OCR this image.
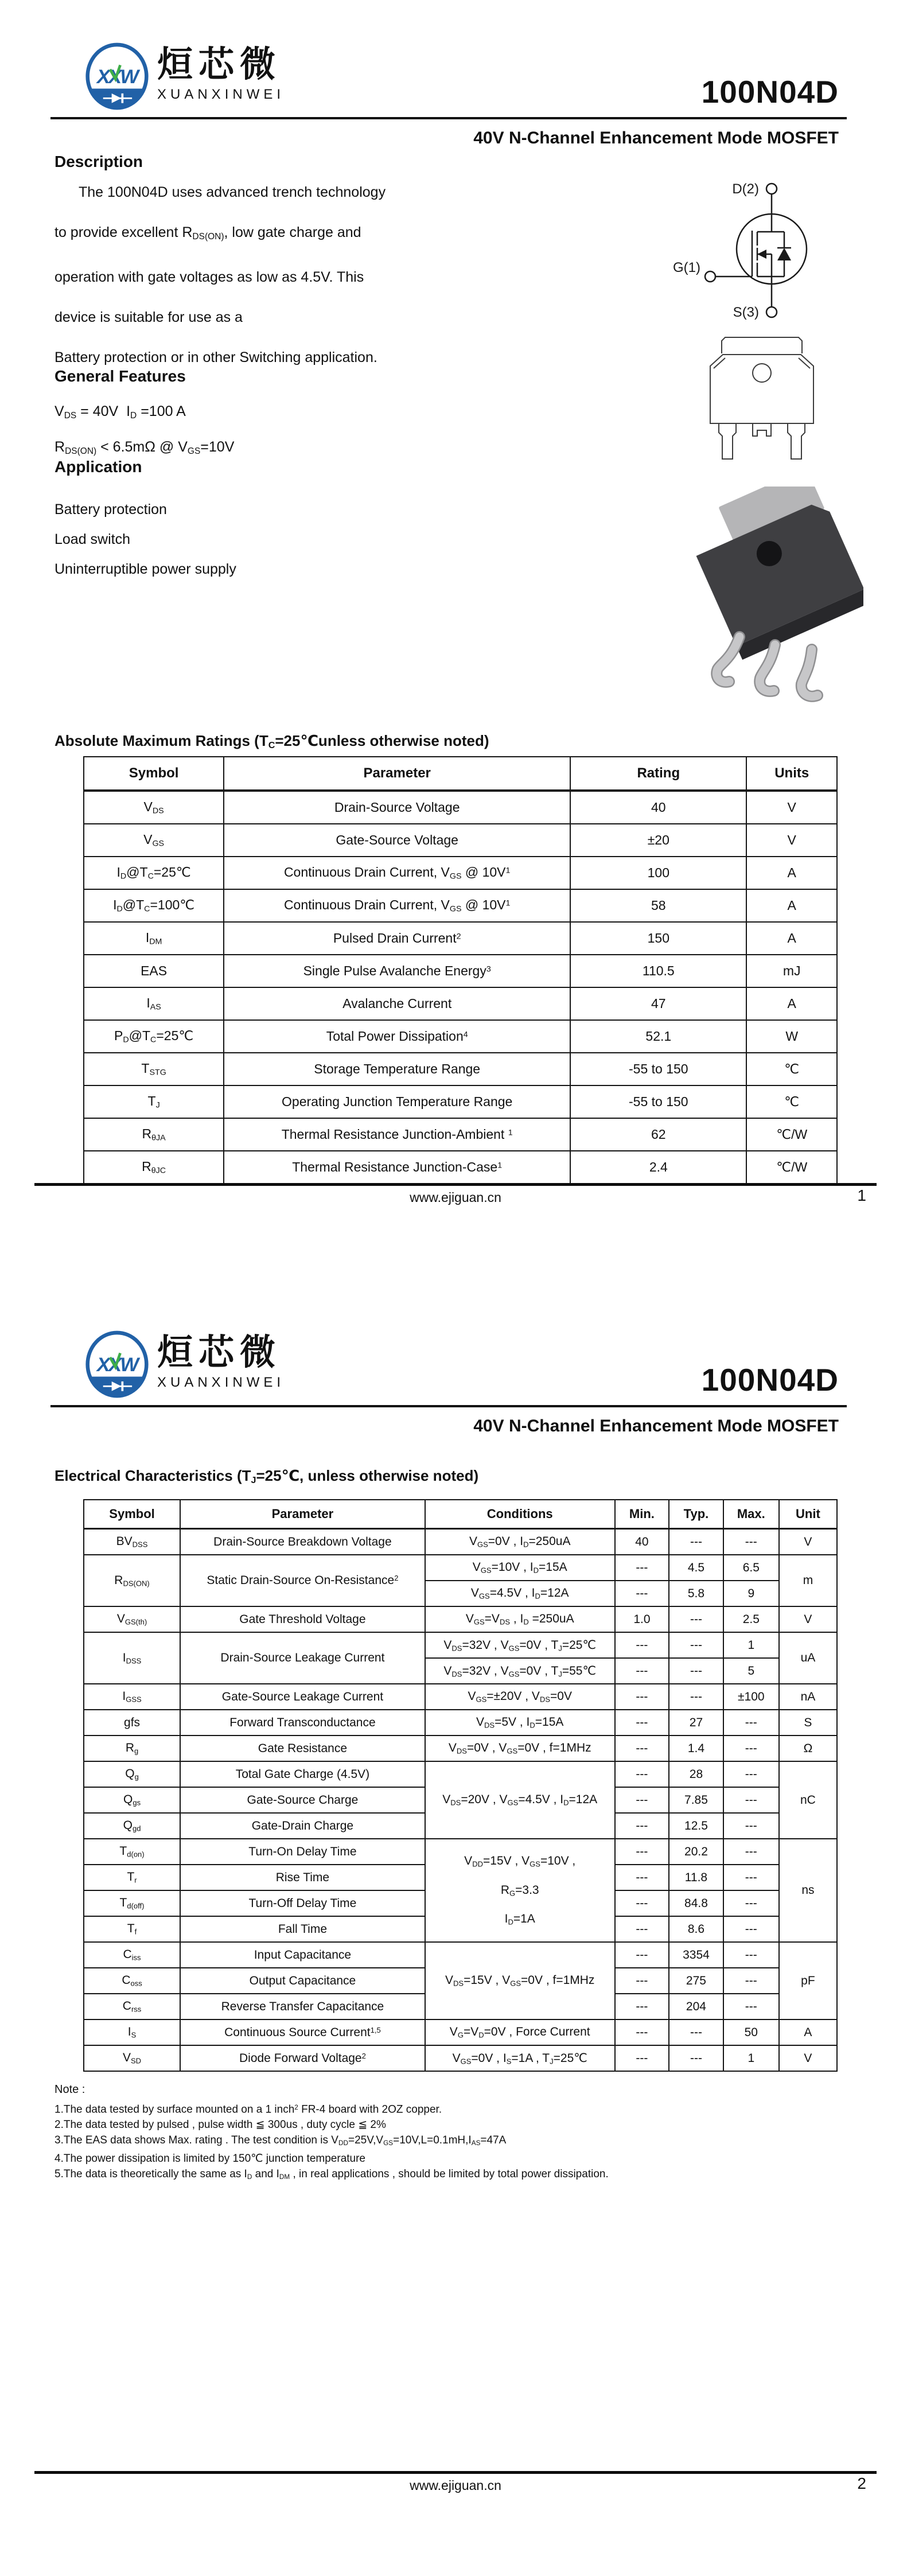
XXW 烜芯微
XUANXINWEI	100N04D
40V N-Channel Enhancement Mode MOSFET
Description
The 100N04D uses advanced trench technology
to provide excellent $R_{DS(ON)}$, low gate charge and
operation with gate voltages as low as 4.5V. This
device is suitable for use as a
Battery protection or in other Switching application.
General Features
$V_{DS} = 40V$  $I_D =100$ A
$R_{DS(ON)} < 6.5m\Omega$ @ $V_{GS}=10V$
Application
Battery protection
Load switch
Uninterruptible power supply
D(2)
G(1)
S(3)
Absolute Maximum Ratings ($T_C=25℃unless$ otherwise noted)
Symbol	Parameter	Rating	Units
$V_{DS}$	Drain-Source Voltage	40	V
$V_{GS}$	Gate-Source Voltage	±20	V
$I_D@T_C=25℃$	Continuous Drain Current, $V_{GS}$ @ $10V^1$	100	A
$I_D@T_C=100℃$	Continuous Drain Current, $V_{GS}$ @ $10V^1$	58	A
$I_{DM}$	Pulsed Drain Current$^2$	150	A
EAS	Single Pulse Avalanche Energy$^3$	110.5	mJ
$I_{AS}$	Avalanche Current	47	A
$P_D@T_C=25℃$	Total Power Dissipation$^4$	52.1	W
$T_{STG}$	Storage Temperature Range	-55 to 150	℃
$T_J$	Operating Junction Temperature Range	-55 to 150	℃
$R_{\theta JA}$	Thermal Resistance Junction-Ambient $^1$	62	℃/W
$R_{\theta JC}$	Thermal Resistance Junction-Case$^1$	2.4	℃/W
www.ejiguan.cn	1
XXW 烜芯微
XUANXINWEI	100N04D
40V N-Channel Enhancement Mode MOSFET
Electrical Characteristics ($T_J=25℃$, unless otherwise noted)
Symbol	Parameter	Conditions	Min.	Typ.	Max.	Unit
$BV_{DSS}$	Drain-Source Breakdown Voltage	$V_{GS}=0V$ , $I_D=250uA$	40	---	---	V
$R_{DS(ON)}$	Static Drain-Source On-Resistance$^2$	$V_{GS}=10V$ , $I_D=15A$	---	4.5	6.5	m
		$V_{GS}=4.5V$ , $I_D=12A$	---	5.8	9	
$V_{GS(th)}$	Gate Threshold Voltage	$V_{GS}=V_{DS}$ , $I_D =250uA$	1.0	---	2.5	V
$I_{DSS}$	Drain-Source Leakage Current	$V_{DS}=32V$ , $V_{GS}=0V$ , $T_J=25℃$	---	---	1	uA
		$V_{DS}=32V$ , $V_{GS}=0V$ , $T_J=55℃$	---	---	5	
$I_{GSS}$	Gate-Source Leakage Current	$V_{GS}=\pm 20V$ , $V_{DS}=0V$	---	---	±100	nA
gfs	Forward Transconductance	$V_{DS}=5V$ , $I_D=15A$	---	27	---	S
$R_g$	Gate Resistance	$V_{DS}=0V$ , $V_{GS}=0V$ , f=1MHz	---	1.4	---	Ω
$Q_g$	Total Gate Charge (4.5V)	$V_{DS}=20V$ , $V_{GS}=4.5V$ , $I_D=12A$	---	28	---	nC
$Q_{gs}$	Gate-Source Charge		---	7.85	---	
$Q_{gd}$	Gate-Drain Charge		---	12.5	---	
$T_{d(on)}$	Turn-On Delay Time	$V_{DD}=15V$ , $V_{GS}=10V$ ,
$R_G=3.3$
$I_D=1A$	---	20.2	---	ns
$T_r$	Rise Time		---	11.8	---	
$T_{d(off)}$	Turn-Off Delay Time		---	84.8	---	
$T_f$	Fall Time		---	8.6	---	
$C_{iss}$	Input Capacitance	$V_{DS}=15V$ , $V_{GS}=0V$ , f=1MHz	---	3354	---	pF
$C_{oss}$	Output Capacitance		---	275	---	
$C_{rss}$	Reverse Transfer Capacitance		---	204	---	
$I_S$	Continuous Source Current$^{1,5}$	$V_G=V_D=0V$ , Force Current	---	---	50	A
$V_{SD}$	Diode Forward Voltage$^2$	$V_{GS}=0V$ , $I_S=1A$ , $T_J=25℃$	---	---	1	V
Note :
1.The data tested by surface mounted on a 1 inch$^2$ FR-4 board with 2OZ copper.
2.The data tested by pulsed , pulse width ≦ 300us , duty cycle ≦ 2%
3.The EAS data shows Max. rating . The test condition is $V_{DD}=25V,V_{GS}=10V,L=0.1mH,I_{AS}=47A$
4.The power dissipation is limited by 150℃ junction temperature
5.The data is theoretically the same as $I_D$ and $I_{DM}$ , in real applications , should be limited by total power dissipation.
www.ejiguan.cn	2
